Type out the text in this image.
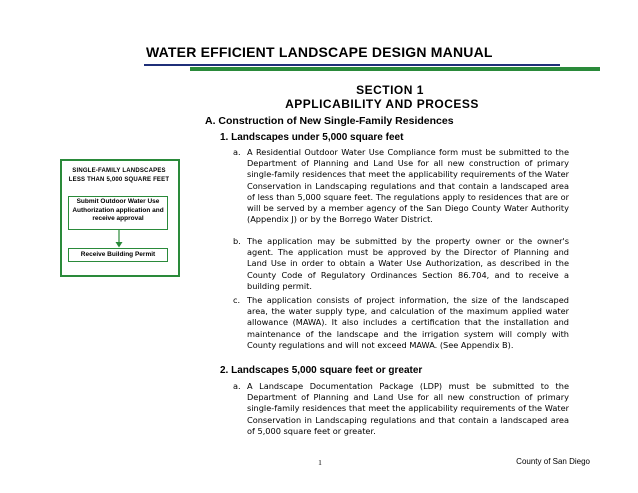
WATER EFFICIENT LANDSCAPE DESIGN MANUAL
SECTION 1
APPLICABILITY AND PROCESS
A. Construction of New Single-Family Residences
1. Landscapes under 5,000 square feet
a. A Residential Outdoor Water Use Compliance form must be submitted to the Department of Planning and Land Use for all new construction of primary single-family residences that meet the applicability requirements of the Water Conservation in Landscaping regulations and that contain a landscaped area of less than 5,000 square feet. The regulations apply to residences that are or will be served by a member agency of the San Diego County Water Authority (Appendix J) or by the Borrego Water District.
b. The application may be submitted by the property owner or the owner's agent. The application must be approved by the Director of Planning and Land Use in order to obtain a Water Use Authorization, as described in the County Code of Regulatory Ordinances Section 86.704, and to receive a building permit.
c. The application consists of project information, the size of the landscaped area, the water supply type, and calculation of the maximum applied water allowance (MAWA). It also includes a certification that the installation and maintenance of the landscape and the irrigation system will comply with County regulations and will not exceed MAWA. (See Appendix B).
2. Landscapes 5,000 square feet or greater
a. A Landscape Documentation Package (LDP) must be submitted to the Department of Planning and Land Use for all new construction of primary single-family residences that meet the applicability requirements of the Water Conservation in Landscaping regulations and that contain a landscaped area of 5,000 square feet or greater.
SINGLE-FAMILY LANDSCAPES
LESS THAN 5,000 SQUARE FEET
Submit Outdoor Water Use Authorization application and receive approval
Receive Building Permit
1	County of San Diego
